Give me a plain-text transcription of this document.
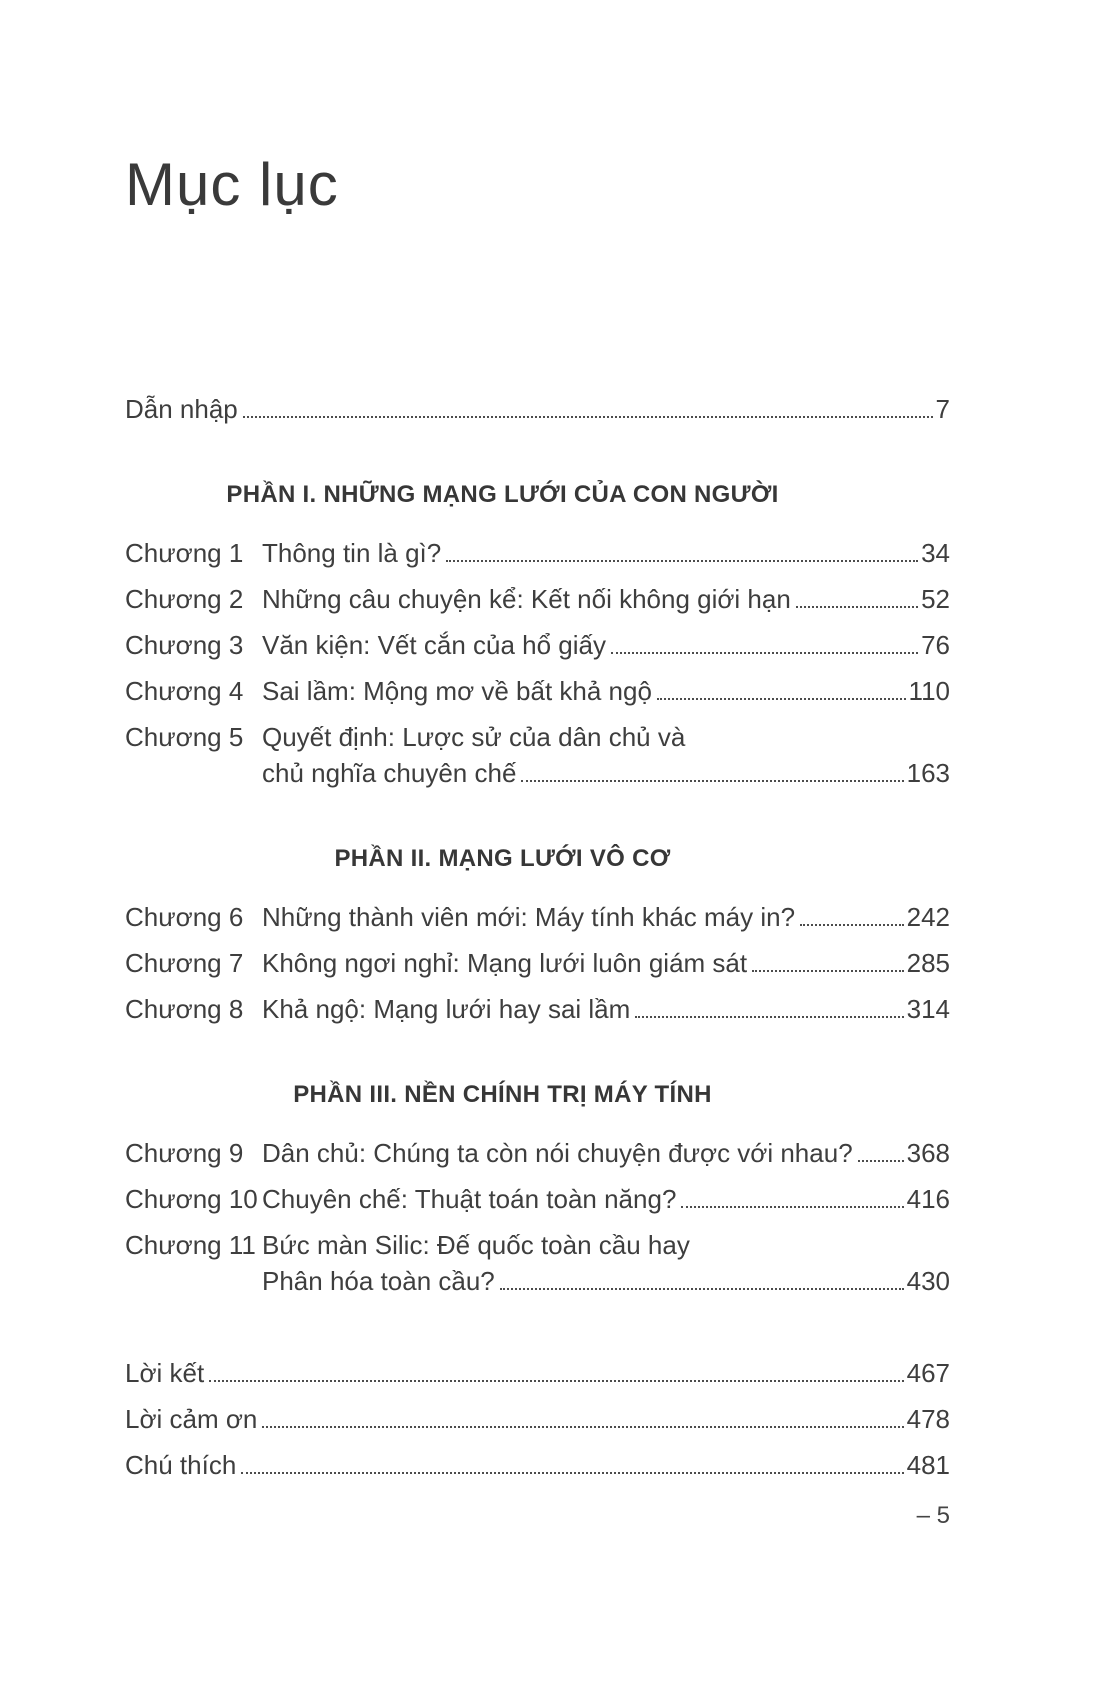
Mục lục
Dẫn nhập	7
PHẦN I. NHỮNG MẠNG LƯỚI CỦA CON NGƯỜI
Chương 1 Thông tin là gì?	34
Chương 2 Những câu chuyện kể: Kết nối không giới hạn	52
Chương 3 Văn kiện: Vết cắn của hổ giấy	76
Chương 4 Sai lầm: Mộng mơ về bất khả ngộ	110
Chương 5 Quyết định: Lược sử của dân chủ và
chủ nghĩa chuyên chế	163
PHẦN II. MẠNG LƯỚI VÔ CƠ
Chương 6 Những thành viên mới: Máy tính khác máy in?	242
Chương 7 Không ngơi nghỉ: Mạng lưới luôn giám sát	285
Chương 8 Khả ngộ: Mạng lưới hay sai lầm	314
PHẦN III. NỀN CHÍNH TRỊ MÁY TÍNH
Chương 9 Dân chủ: Chúng ta còn nói chuyện được với nhau? 368
Chương 10 Chuyên chế: Thuật toán toàn năng?	416
Chương 11 Bức màn Silic: Đế quốc toàn cầu hay
Phân hóa toàn cầu?	430
Lời kết	467
Lời cảm ơn	478
Chú thích	481
– 5
